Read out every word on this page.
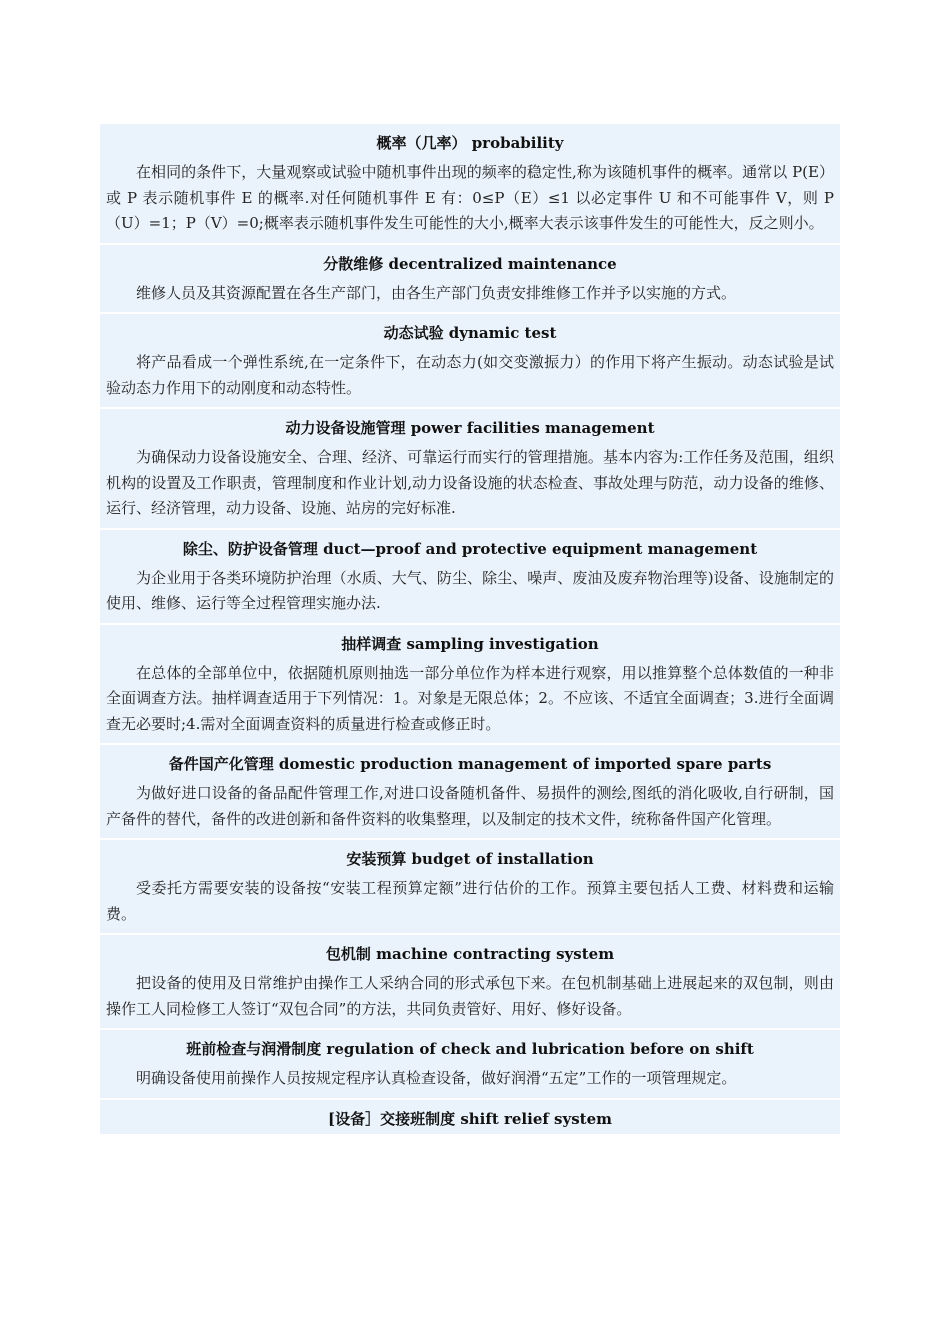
概率（几率） probability
在相同的条件下，大量观察或试验中随机事件出现的频率的稳定性,称为该随机事件的概率。通常以 P(E）或 P 表示随机事件 E 的概率.对任何随机事件 E 有：0≤P（E）≤1 以必定事件 U 和不可能事件 V，则 P（U）=1；P（V）=0;概率表示随机事件发生可能性的大小,概率大表示该事件发生的可能性大，反之则小。
分散维修 decentralized maintenance
维修人员及其资源配置在各生产部门，由各生产部门负责安排维修工作并予以实施的方式。
动态试验 dynamic test
将产品看成一个弹性系统,在一定条件下，在动态力(如交变激振力）的作用下将产生振动。动态试验是试验动态力作用下的动刚度和动态特性。
动力设备设施管理 power facilities management
为确保动力设备设施安全、合理、经济、可靠运行而实行的管理措施。基本内容为:工作任务及范围，组织机构的设置及工作职责，管理制度和作业计划,动力设备设施的状态检查、事故处理与防范，动力设备的维修、运行、经济管理，动力设备、设施、站房的完好标准.
除尘、防护设备管理 duct—proof and protective equipment management
为企业用于各类环境防护治理（水质、大气、防尘、除尘、噪声、废油及废弃物治理等)设备、设施制定的使用、维修、运行等全过程管理实施办法.
抽样调查 sampling investigation
在总体的全部单位中，依据随机原则抽选一部分单位作为样本进行观察，用以推算整个总体数值的一种非全面调查方法。抽样调查适用于下列情况：1。对象是无限总体；2。不应该、不适宜全面调查；3.进行全面调查无必要时;4.需对全面调查资料的质量进行检查或修正时。
备件国产化管理 domestic production management of imported spare parts
为做好进口设备的备品配件管理工作,对进口设备随机备件、易损件的测绘,图纸的消化吸收,自行研制，国产备件的替代，备件的改进创新和备件资料的收集整理，以及制定的技术文件，统称备件国产化管理。
安装预算 budget of installation
受委托方需要安装的设备按“安装工程预算定额”进行估价的工作。预算主要包括人工费、材料费和运输费。
包机制 machine contracting system
把设备的使用及日常维护由操作工人采纳合同的形式承包下来。在包机制基础上进展起来的双包制，则由操作工人同检修工人签订“双包合同”的方法，共同负责管好、用好、修好设备。
班前检查与润滑制度 regulation of check and lubrication before on shift
明确设备使用前操作人员按规定程序认真检查设备，做好润滑“五定”工作的一项管理规定。
[设备］交接班制度 shift relief system
